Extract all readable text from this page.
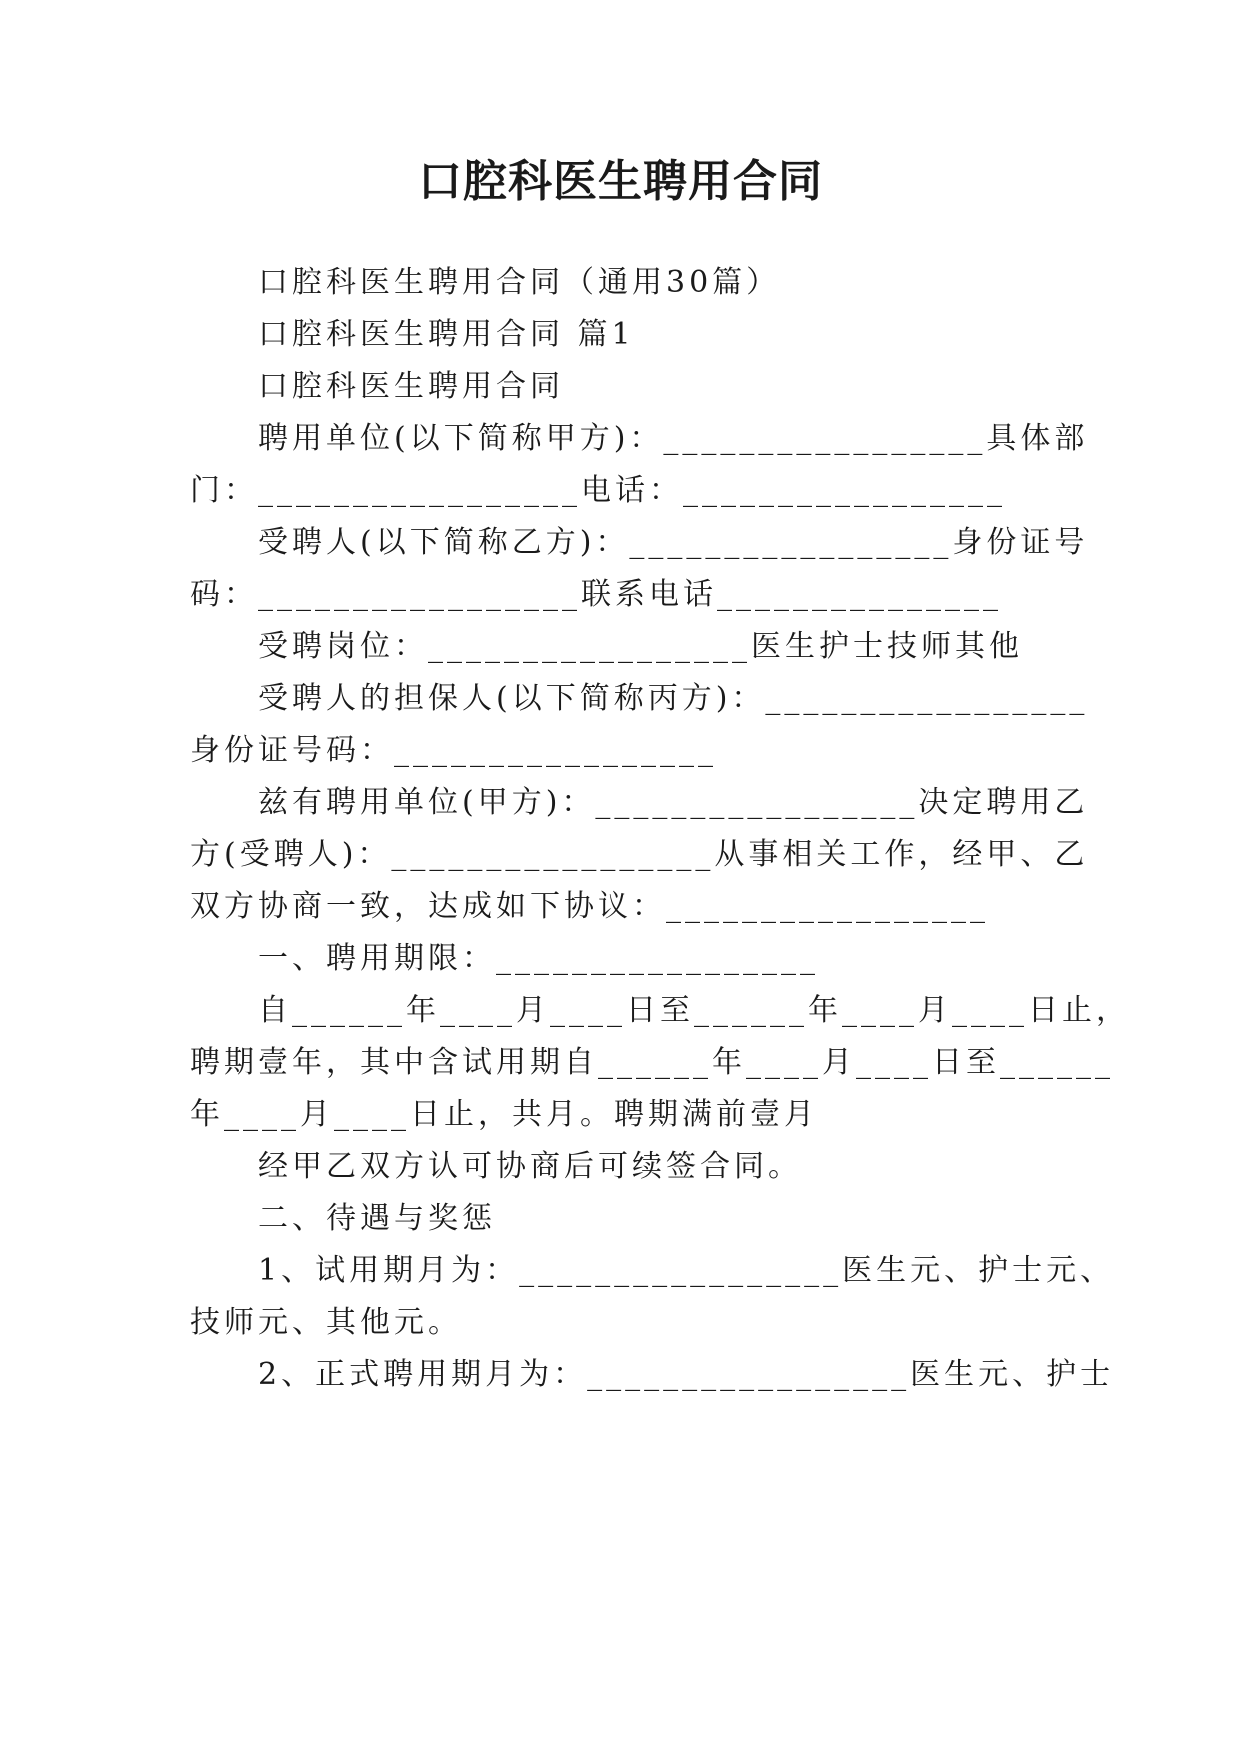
口腔科医生聘用合同
口腔科医生聘用合同（通用30篇）
口腔科医生聘用合同 篇1
口腔科医生聘用合同
聘用单位(以下简称甲方)：_________________具体部
门：_________________电话：_________________
受聘人(以下简称乙方)：_________________身份证号
码：_________________联系电话_______________
受聘岗位：_________________医生护士技师其他
受聘人的担保人(以下简称丙方)：_________________
身份证号码：_________________
兹有聘用单位(甲方)：_________________决定聘用乙
方(受聘人)：_________________从事相关工作，经甲、乙
双方协商一致，达成如下协议：_________________
一、聘用期限：_________________
自______年____月____日至______年____月____日止，
聘期壹年，其中含试用期自______年____月____日至______
年____月____日止，共月。聘期满前壹月
经甲乙双方认可协商后可续签合同。
二、待遇与奖惩
1、试用期月为：_________________医生元、护士元、
技师元、其他元。
2、正式聘用期月为：_________________医生元、护士
